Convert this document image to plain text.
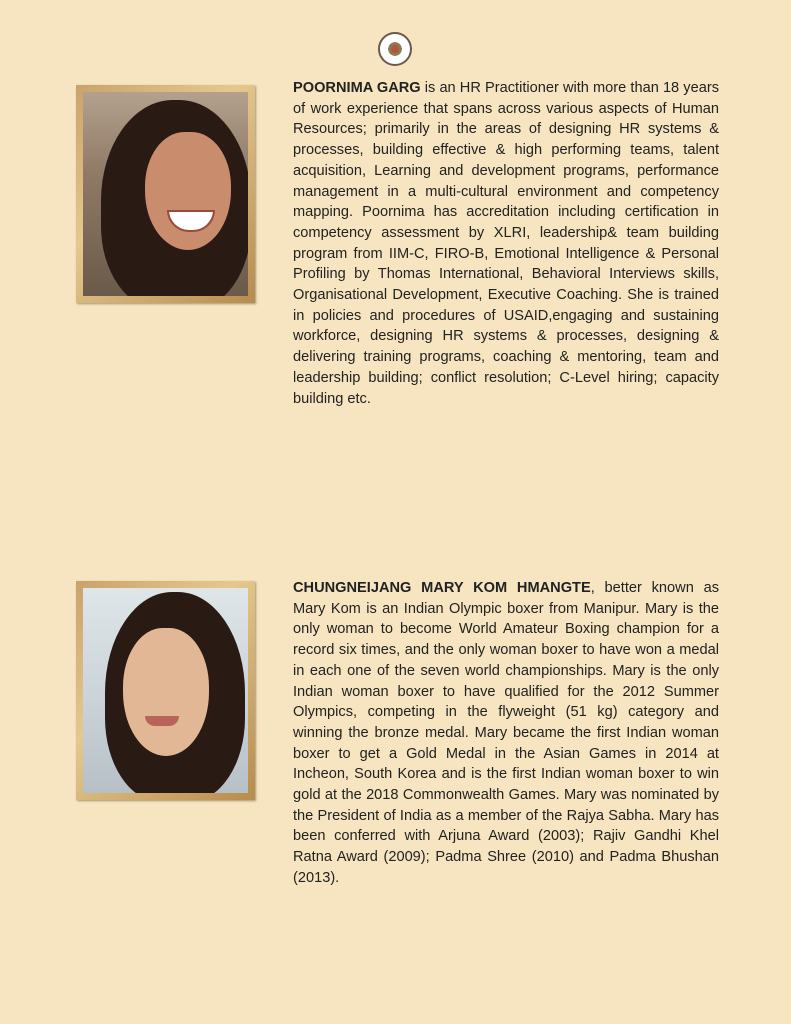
POORNIMA GARG is an HR Practitioner with more than 18 years of work experience that spans across various aspects of Human Resources; primarily in the areas of designing HR systems & processes, building effective & high performing teams, talent acquisition, Learning and development programs, performance management in a multi-cultural environment and competency mapping. Poornima has accreditation including certification in competency assessment by XLRI, leadership& team building program from IIM-C, FIRO-B, Emotional Intelligence & Personal Profiling by Thomas International, Behavioral Interviews skills, Organisational Development, Executive Coaching. She is trained in policies and procedures of USAID,engaging and sustaining workforce, designing HR systems & processes, designing & delivering training programs, coaching & mentoring, team and leadership building; conflict resolution; C-Level hiring; capacity building etc.

CHUNGNEIJANG MARY KOM HMANGTE, better known as Mary Kom is an Indian Olympic boxer from Manipur. Mary is the only woman to become World Amateur Boxing champion for a record six times, and the only woman boxer to have won a medal in each one of the seven world championships. Mary is the only Indian woman boxer to have qualified for the 2012 Summer Olympics, competing in the flyweight (51 kg) category and winning the bronze medal. Mary became the first Indian woman boxer to get a Gold Medal in the Asian Games in 2014 at Incheon, South Korea and is the first Indian woman boxer to win gold at the 2018 Commonwealth Games. Mary was nominated by the President of India as a member of the Rajya Sabha. Mary has been conferred with Arjuna Award (2003); Rajiv Gandhi Khel Ratna Award (2009); Padma Shree (2010) and Padma Bhushan (2013).
